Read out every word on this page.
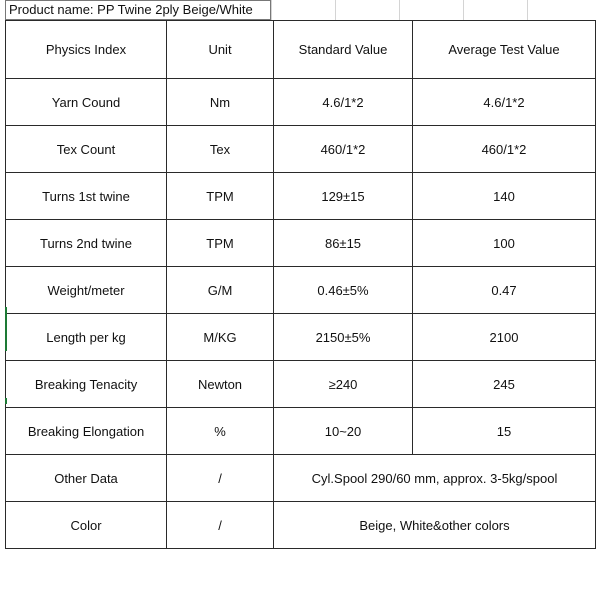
Product name: PP Twine 2ply Beige/White
Physics Index	Unit	Standard Value	Average Test Value
Yarn Cound	Nm	4.6/1*2	4.6/1*2
Tex Count	Tex	460/1*2	460/1*2
Turns 1st twine	TPM	129±15	140
Turns 2nd twine	TPM	86±15	100
Weight/meter	G/M	0.46±5%	0.47
Length per kg	M/KG	2150±5%	2100
Breaking Tenacity	Newton	≥240	245
Breaking Elongation	%	10~20	15
Other Data	/	Cyl.Spool 290/60 mm, approx. 3-5kg/spool	
Color	/	Beige, White&other colors	
